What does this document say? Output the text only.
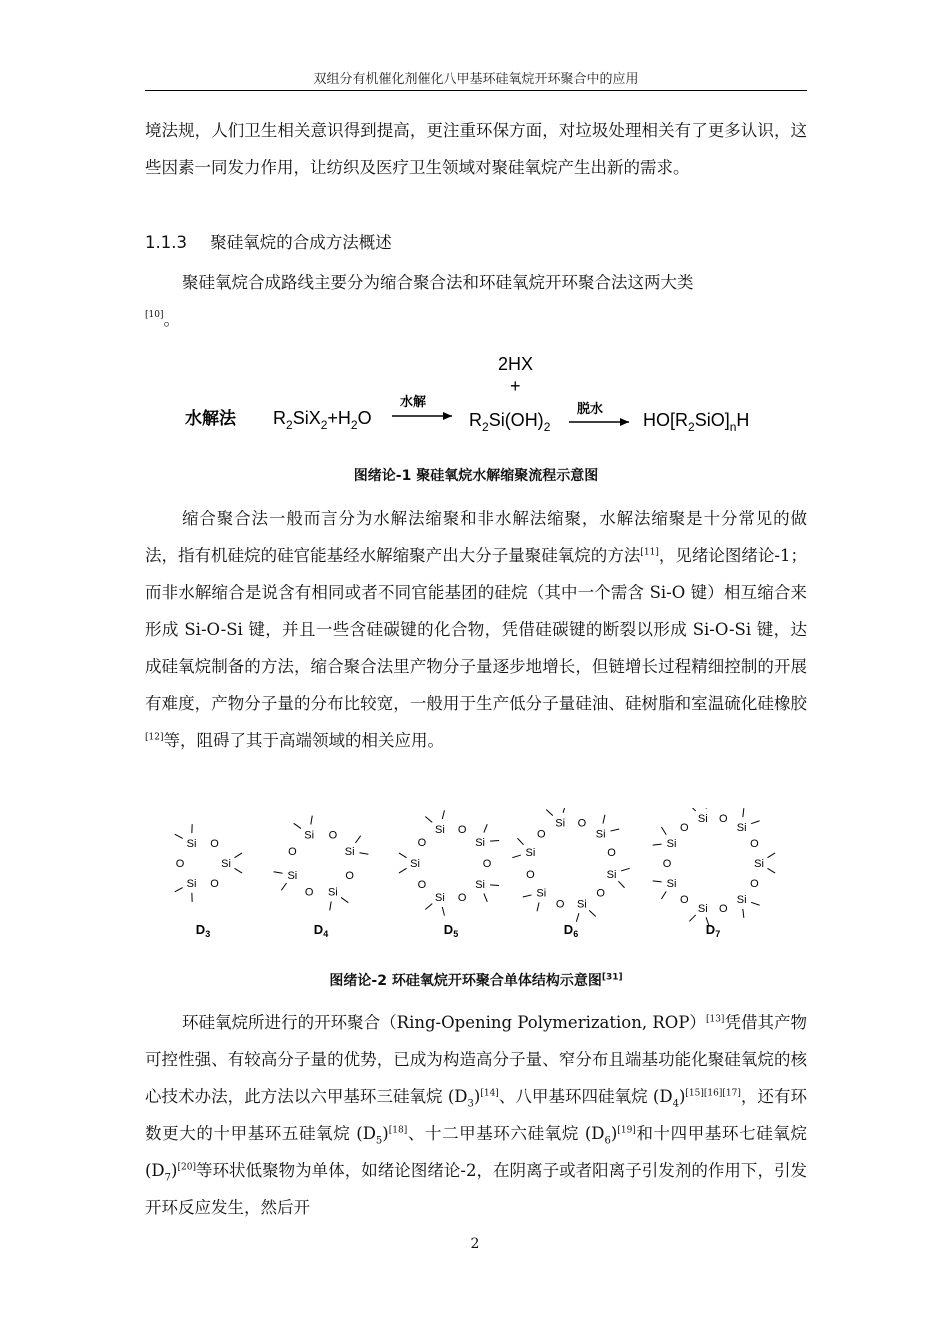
双组分有机催化剂催化八甲基环硅氧烷开环聚合中的应用
境法规，人们卫生相关意识得到提高，更注重环保方面，对垃圾处理相关有了更多认识，这些因素一同发力作用，让纺织及医疗卫生领域对聚硅氧烷产生出新的需求。
1.1.3 聚硅氧烷的合成方法概述
聚硅氧烷合成路线主要分为缩合聚合法和环硅氧烷开环聚合法这两大类
[10]。
水解法 $R_2SiX_2+H_2O$
水解
2HX
+
$R_2Si(OH)_2$
脱水
$HO[R_2SiO]_nH$
图绪论-1 聚硅氧烷水解缩聚流程示意图
缩合聚合法一般而言分为水解法缩聚和非水解法缩聚，水解法缩聚是十分常见的做法，指有机硅烷的硅官能基经水解缩聚产出大分子量聚硅氧烷的方法[11]，见绪论图绪论-1；而非水解缩合是说含有相同或者不同官能基团的硅烷（其中一个需含 Si-O 键）相互缩合来形成 Si-O-Si 键，并且一些含硅碳键的化合物，凭借硅碳键的断裂以形成 Si-O-Si 键，达成硅氧烷制备的方法，缩合聚合法里产物分子量逐步地增长，但链增长过程精细控制的开展有难度，产物分子量的分布比较宽，一般用于生产低分子量硅油、硅树脂和室温硫化硅橡胶[12]等，阻碍了其于高端领域的相关应用。
Si O
Si
O
Si
O
$D_3$
Si O
Si
O
Si
O
Si
O
$D_4$
Si O
Si
O
Si
O
Si
O
Si
O
$D_5$
Si O
Si
O
Si
O
Si
O
Si
O
Si
O
$D_6$
Si O
Si
O
Si
O
Si
O
Si
O
Si
O
Si
O
$D_7$
图绪论-2 环硅氧烷开环聚合单体结构示意图[31]
环硅氧烷所进行的开环聚合（Ring-Opening Polymerization, ROP）[13]凭借其产物可控性强、有较高分子量的优势，已成为构造高分子量、窄分布且端基功能化聚硅氧烷的核心技术办法，此方法以六甲基环三硅氧烷 $(D_3)[14]$、八甲基环四硅氧烷 $(D_4)[15][16][17]$，还有环数更大的十甲基环五硅氧烷 $(D_5)[18]$、十二甲基环六硅氧烷 $(D_6)[19]$和十四甲基环七硅氧烷 $(D_7)[20]$等环状低聚物为单体，如绪论图绪论-2，在阴离子或者阳离子引发剂的作用下，引发开环反应发生，然后开
2
